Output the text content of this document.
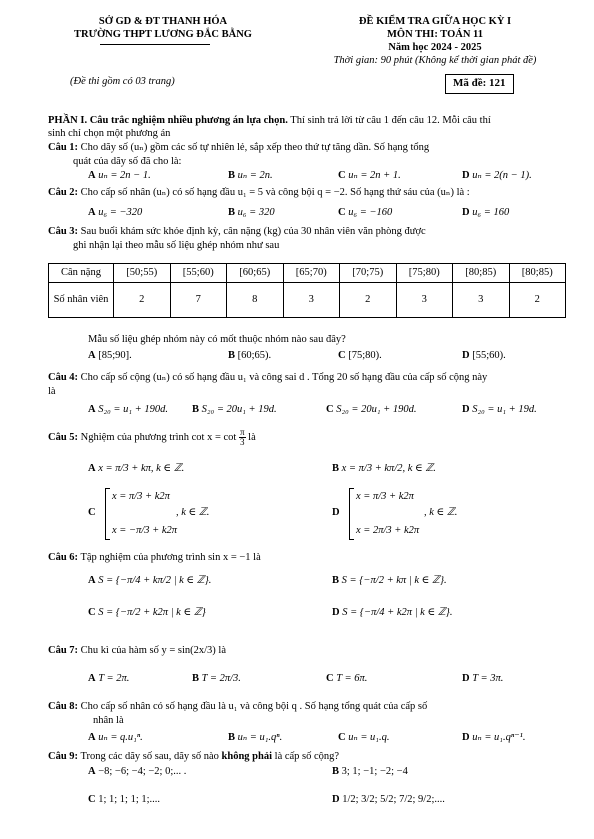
SỞ GD & ĐT THANH HÓA
TRƯỜNG THPT LƯƠNG ĐẮC BẰNG
ĐỀ KIỂM TRA GIỮA HỌC KỲ I
MÔN THI: TOÁN 11
Năm học 2024 - 2025
Thời gian: 90 phút (Không kể thời gian phát đề)
(Đề thi gồm có 03 trang)	Mã đề: 121
PHẦN I. Câu trắc nghiệm nhiều phương án lựa chọn. Thí sinh trả lời từ câu 1 đến câu 12. Mỗi câu thí
sinh chỉ chọn một phương án
Câu 1: Cho dãy số (uₙ) gồm các số tự nhiên lẻ, sắp xếp theo thứ tự tăng dần. Số hạng tổng
quát của dãy số đã cho là:
A uₙ = 2n − 1.	B uₙ = 2n.	C uₙ = 2n + 1.	D uₙ = 2(n − 1).
Câu 2: Cho cấp số nhân (uₙ) có số hạng đầu u₁ = 5 và công bội q = −2. Số hạng thứ sáu của (uₙ) là :
A u₆ = −320	B u₆ = 320	C u₆ = −160	D u₆ = 160
Câu 3: Sau buổi khám sức khỏe định kỳ, cân nặng (kg) của 30 nhân viên văn phòng được
ghi nhận lại theo mẫu số liệu ghép nhóm như sau
Cân nặng	[50;55)	[55;60)	[60;65)	[65;70)	[70;75)	[75;80)	[80;85)	[80;85)
Số nhân viên	2	7	8	3	2	3	3	2
Mẫu số liệu ghép nhóm này có mốt thuộc nhóm nào sau đây?
A [85;90].	B [60;65).	C [75;80).	D [55;60).
Câu 4: Cho cấp số cộng (uₙ) có số hạng đầu u₁ và công sai d . Tổng 20 số hạng đầu của cấp số cộng này
là
A S₂₀ = u₁ + 190d. B S₂₀ = 20u₁ + 19d.	C S₂₀ = 20u₁ + 190d.	D S₂₀ = u₁ + 19d.
Câu 5: Nghiệm của phương trình $\cot x = \cot \frac{\pi}{3}$ là
A x = π/3 + kπ, k ∈ ℤ.	B x = π/3 + kπ/2, k ∈ ℤ.
C
x = π/3 + k2π
x = −π/3 + k2π
, k ∈ ℤ.	D
x = π/3 + k2π
x = 2π/3 + k2π
, k ∈ ℤ.
Câu 6: Tập nghiệm của phương trình sin x = −1 là
A S = {−π/4 + kπ/2 | k ∈ ℤ}.	B S = {−π/2 + kπ | k ∈ ℤ}.
C S = {−π/2 + k2π | k ∈ ℤ}	D S = {−π/4 + k2π | k ∈ ℤ}.
Câu 7: Chu kì của hàm số y = sin(2x/3) là
A T = 2π.	B T = 2π/3.	C T = 6π.	D T = 3π.
Câu 8: Cho cấp số nhân có số hạng đầu là u₁ và công bội q . Số hạng tổng quát của cấp số
nhân là
A uₙ = q.u₁ⁿ.	B uₙ = u₁.qⁿ.	C uₙ = u₁.q.	D uₙ = u₁.qⁿ⁻¹.
Câu 9: Trong các dãy số sau, dãy số nào không phải là cấp số cộng?
A −8; −6; −4; −2; 0;... .	B 3; 1; −1; −2; −4
C 1; 1; 1; 1; 1;....	D 1/2; 3/2; 5/2; 7/2; 9/2;....
